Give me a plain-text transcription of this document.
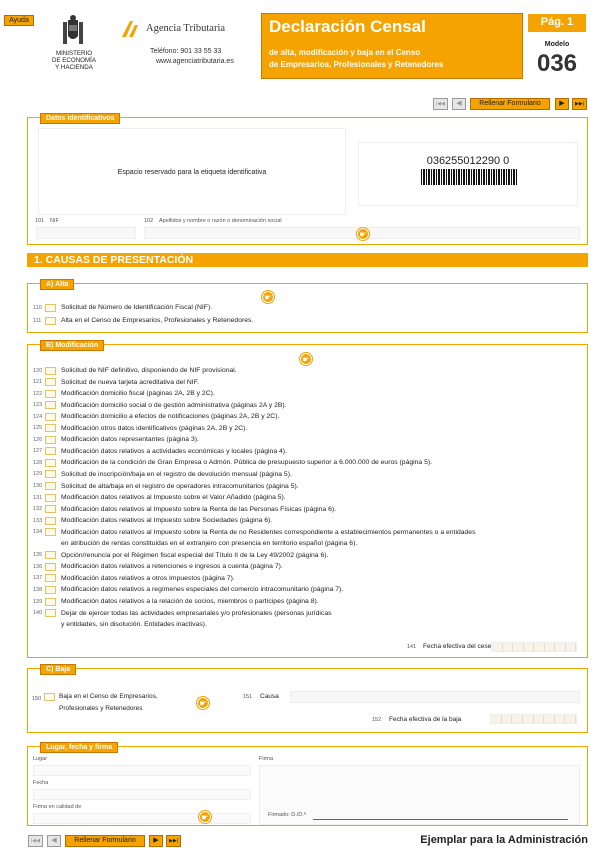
Ayuda
MINISTERIO
DE ECONOMÍA
Y HACIENDA
Agencia Tributaria
Teléfono: 901 33 55 33
www.agenciatributaria.es
Declaración Censal
de alta, modificación y baja en el Censo
de Empresarios, Profesionales y Retenedores
Pág. 1
Modelo
036
|◀◀	◀	Rellenar Formulario	▶	▶▶|
Datos identificativos
Espacio reservado para la etiqueta identificativa
036255012290 0
101 NIF	102 Apellidos y nombre o razón o denominación social
☛
1. CAUSAS DE PRESENTACIÓN
A) Alta
☛
110	Solicitud de Número de Identificación Fiscal (NIF).
111	Alta en el Censo de Empresarios, Profesionales y Retenedores.
B) Modificación
☛
120	Solicitud de NIF definitivo, disponiendo de NIF provisional.
121	Solicitud de nueva tarjeta acreditativa del NIF.
122	Modificación domicilio fiscal (páginas 2A, 2B y 2C).
123	Modificación domicilio social o de gestión administrativa (páginas 2A y 2B).
124	Modificación domicilio a efectos de notificaciones (páginas 2A, 2B y 2C).
125	Modificación otros datos identificativos (páginas 2A, 2B y 2C).
126	Modificación datos representantes (página 3).
127	Modificación datos relativos a actividades económicas y locales (página 4).
128	Modificación de la condición de Gran Empresa o Admón. Pública de presupuesto superior a 6.000.000 de euros (página 5).
129	Solicitud de inscripción/baja en el registro de devolución mensual (página 5).
130	Solicitud de alta/baja en el registro de operadores intracomunitarios (página 5).
131	Modificación datos relativos al Impuesto sobre el Valor Añadido (página 5).
132	Modificación datos relativos al Impuesto sobre la Renta de las Personas Físicas (página 6).
133	Modificación datos relativos al Impuesto sobre Sociedades (página 6).
134	Modificación datos relativos al Impuesto sobre la Renta de no Residentes correspondiente a establecimientos permanentes o a entidades
en atribución de rentas constituidas en el extranjero con presencia en territorio español (página 6).
135	Opción/renuncia por el Régimen fiscal especial del Título II de la Ley 49/2002 (página 6).
136	Modificación datos relativos a retenciones e ingresos a cuenta (página 7).
137	Modificación datos relativos a otros Impuestos (página 7).
138	Modificación datos relativos a regímenes especiales del comercio intracomunitario (página 7).
139	Modificación datos relativos a la relación de socios, miembros o partícipes (página 8).
140	Dejar de ejercer todas las actividades empresariales y/o profesionales (personas jurídicas
y entidades, sin disolución. Entidades inactivas).
141 Fecha efectiva del cese
C) Baja
150	Baja en el Censo de Empresarios,
Profesionales y Retenedores
☛
151 Causa
152 Fecha efectiva de la baja
Lugar, fecha y firma
Lugar
Fecha
Firma en calidad de
☛
Firma
Firmado: D./D.ª
|◀◀	◀	Rellenar Formulario	▶	▶▶|	Ejemplar para la Administración
